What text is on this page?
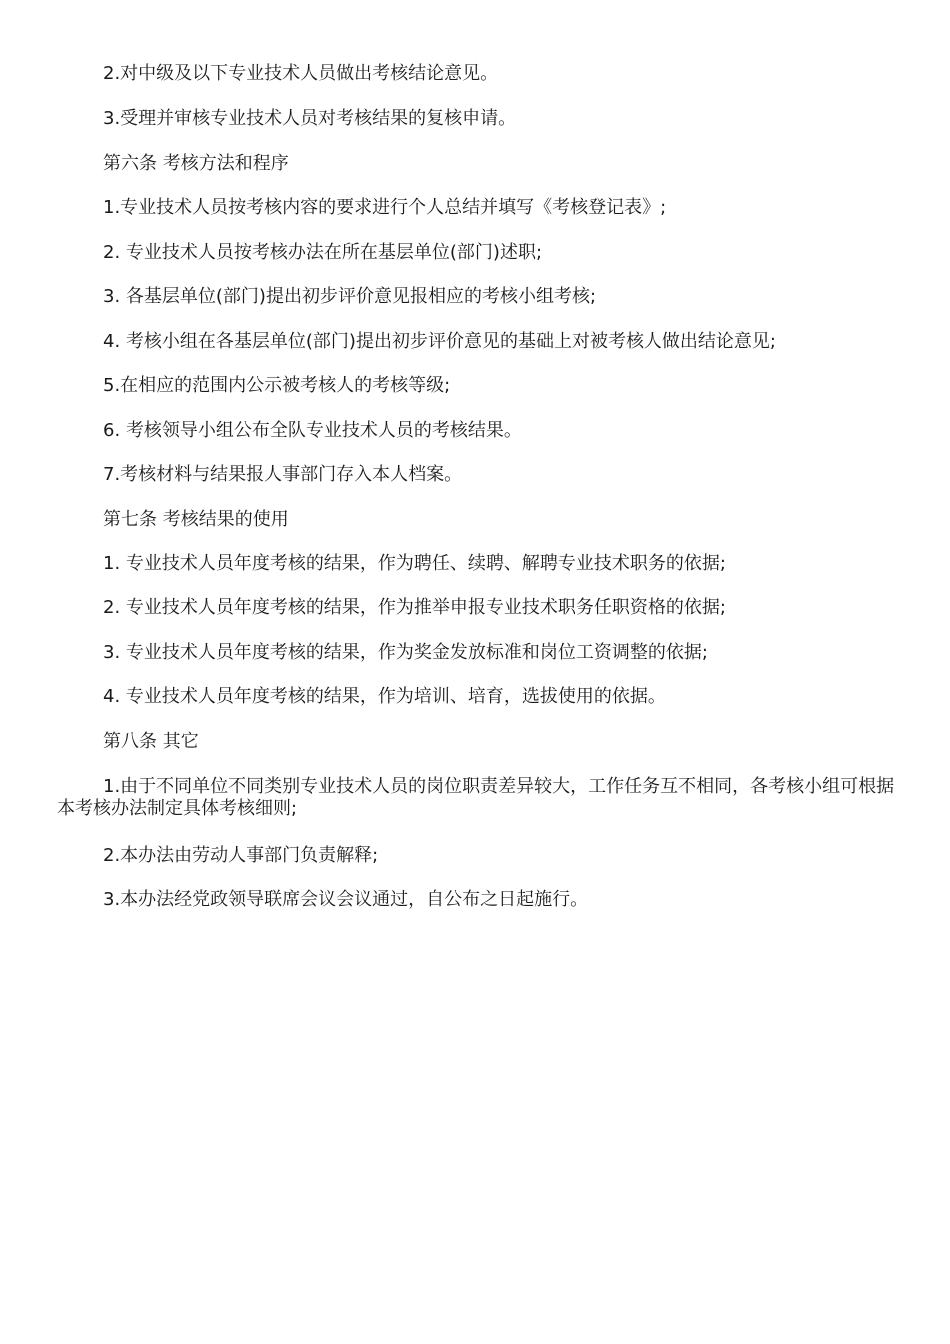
2.对中级及以下专业技术人员做出考核结论意见。

3.受理并审核专业技术人员对考核结果的复核申请。

第六条 考核方法和程序

1.专业技术人员按考核内容的要求进行个人总结并填写《考核登记表》;

2. 专业技术人员按考核办法在所在基层单位(部门)述职;

3. 各基层单位(部门)提出初步评价意见报相应的考核小组考核;

4. 考核小组在各基层单位(部门)提出初步评价意见的基础上对被考核人做出结论意见;

5.在相应的范围内公示被考核人的考核等级;

6. 考核领导小组公布全队专业技术人员的考核结果。

7.考核材料与结果报人事部门存入本人档案。

第七条 考核结果的使用

1. 专业技术人员年度考核的结果，作为聘任、续聘、解聘专业技术职务的依据;

2. 专业技术人员年度考核的结果，作为推举申报专业技术职务任职资格的依据;

3. 专业技术人员年度考核的结果，作为奖金发放标准和岗位工资调整的依据;

4. 专业技术人员年度考核的结果，作为培训、培育，选拔使用的依据。

第八条 其它

1.由于不同单位不同类别专业技术人员的岗位职责差异较大，工作任务互不相同，各考核小组可根据本考核办法制定具体考核细则;

2.本办法由劳动人事部门负责解释;

3.本办法经党政领导联席会议会议通过，自公布之日起施行。
